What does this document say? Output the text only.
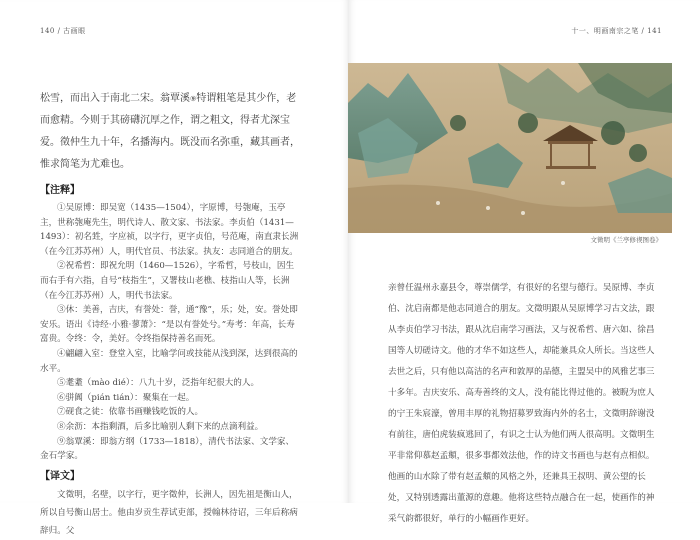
140 / 古画眼

松雪，而出入于南北二宋。翁覃溪⑨特谓粗笔是其少作，老而愈精。今则于其磅礴沉厚之作，谓之粗文，得者尤深宝爱。徵仲生九十年，名播海内。既没而名弥重，藏其画者，惟求简笔为尤难也。

【注释】

①吴原博：即吴宽（1435—1504），字原博，号匏庵，玉亭主，世称匏庵先生，明代诗人、散文家、书法家。李贞伯（1431—1493）：初名甡，字应祯，以字行，更字贞伯，号范庵，南直隶长洲（在今江苏苏州）人，明代官员、书法家。执友：志同道合的朋友。

②祝希哲：即祝允明（1460—1526），字希哲，号枝山，因生而右手有六指，自号“枝指生”，又署枝山老樵、枝指山人等，长洲（在今江苏苏州）人，明代书法家。

③休：美善，吉庆，有誉处：誉，通“豫”，乐；处，安。誉处即安乐。语出《诗经·小雅·蓼萧》：“是以有誉处兮。”寿考：年高，长寿富贵。令终：令，美好。令终指保持善名而死。

④翩翩入室：登堂入室，比喻学问或技能从浅到深，达到很高的水平。

⑤耄耋（mào dié）：八九十岁，泛指年纪很大的人。

⑥骈阗（pián tián）：聚集在一起。

⑦砚食之徒：依靠书画赚钱吃饭的人。

⑧余沥：本指剩酒，后多比喻别人剩下来的点滴利益。

⑨翁覃溪：即翁方纲（1733—1818），清代书法家、文学家、金石学家。

【译文】

文徵明，名壁，以字行，更字徵仲，长洲人，因先祖是衡山人，所以自号衡山居士。他由岁贡生荐试吏部，授翰林待诏，三年后称病辞归。父

十一、明画南宗之笔 / 141
文徵明《兰亭修禊图卷》

亲曾任温州永嘉县令，尊崇儒学，有很好的名望与德行。吴原博、李贞伯、沈启南都是他志同道合的朋友。文徵明跟从吴原博学习古文法，跟从李贞伯学习书法，跟从沈启南学习画法，又与祝希哲、唐六如、徐昌国等人切磋诗文。他的才华不如这些人，却能兼具众人所长。当这些人去世之后，只有他以高洁的名声和敦厚的品德，主盟吴中的风雅艺事三十多年。吉庆安乐、高寿善终的文人，没有能比得过他的。被睨为庶人的宁王朱宸濠，曾用丰厚的礼物招募罗致海内外的名士，文徵明辞谢没有前往，唐伯虎装疯逃回了，有识之士认为他们两人很高明。文徵明生平非常仰慕赵孟頫，很多事都效法他，作的诗文书画也与赵有点相似。他画的山水除了带有赵孟頫的风格之外，还兼具王叔明、黄公望的长处，又特别透露出董源的意趣。他将这些特点融合在一起，使画作的神采气韵都很好，单行的小幅画作更好。
